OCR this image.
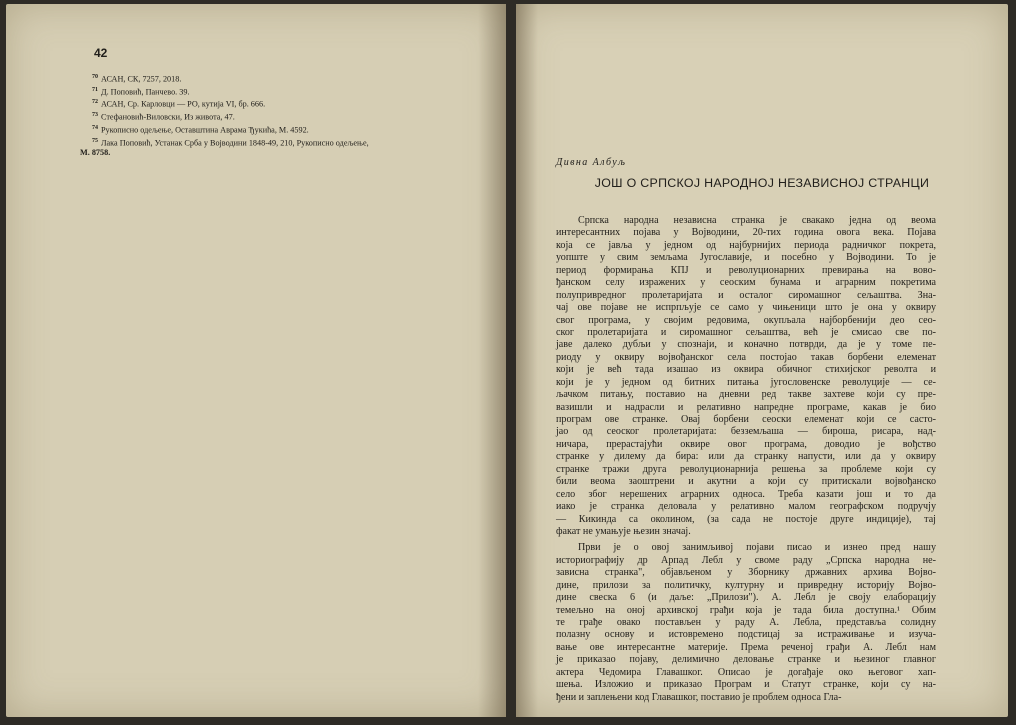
42
$^{70}$ АСАН, СК, 7257, 2018.
$^{71}$ Д. Поповић, Панчево. 39.
$^{72}$ АСАН, Ср. Карловци — РО, кутија VI, бр. 666.
$^{73}$ Стефановић-Виловски, Из живота, 47.
$^{74}$ Рукописно одељење, Оставштина Аврама Ђукића, М. 4592.
$^{75}$ Лака Поповић, Устанак Срба у Војводини 1848-49, 210, Рукописно одељење,
М. 8758.
Дивна Албуљ
ЈОШ О СРПСКОЈ НАРОДНОЈ НЕЗАВИСНОЈ СТРАНЦИ
Српска народна независна странка је свакако једна од веома
интересантних појава у Војводини, 20-тих година овога века. Појава
која се јавља у једном од најбурнијих периода радничког покрета,
уопште у свим земљама Југославије, и посебно у Војводини. То је
период формирања КПЈ и револуционарних превирања на вово-
ђанском селу изражених у сеоским бунама и аграрним покретима
полупривредног пролетаријата и осталог сиромашног сељаштва. Зна-
чај ове појаве не испрпљује се само у чињеници што је она у оквиру
свог програма, у својим редовима, окупљала најборбенији део сео-
ског пролетаријата и сиромашног сељаштва, већ је смисао све по-
јаве далеко дубљи у спознаји, и коначно потврди, да је у томе пе-
риоду у оквиру војвођанског села постојао такав борбени елеменат
који је већ тада изашао из оквира обичног стихијског револта и
који је у једном од битних питања југословенске револуције — се-
љачком питању, поставио на дневни ред такве захтеве који су пре-
вазишли и надрасли и релативно напредне програме, какав је био
програм ове странке. Овај борбени сеоски елеменат који се састо-
јао од сеоског пролетаријата: безземљаша — бироша, рисара, над-
ничара, прерастајући оквире овог програма, доводио је вођство
странке у дилему да бира: или да странку напусти, или да у оквиру
странке тражи друга револуционарнија решења за проблеме који су
били веома заоштрени и акутни а који су притискали војвођанско
село због нерешених аграрних односа. Треба казати још и то да
иако је странка деловала у релативно малом географском подручју
— Кикинда са околином, (за сада не постоје друге индиције), тај
факат не умањује њезин значај.
Први је о овој занимљивој појави писао и изнео пред нашу
историографију др Арпад Лебл у своме раду „Српска народна не-
зависна странка", објављеном у Зборнику државних архива Војво-
дине, прилози за политичку, културну и привредну историју Војво-
дине свеска 6 (и даље: „Прилози"). А. Лебл је своју елаборацију
темељно на оној архивској грађи која је тада била доступна.¹ Обим
те грађе овако постављен у раду А. Лебла, представља солидну
полазну основу и истовремено подстицај за истраживање и изуча-
вање ове интересантне материје. Према реченој грађи А. Лебл нам
је приказао појаву, делимично деловање странке и њезиног главног
актера Чедомира Главашког. Описао је догађаје око његовог хап-
шења. Изложио и приказао Програм и Статут странке, који су на-
ђени и заплењени код Главашког, поставио је проблем односа Гла-
